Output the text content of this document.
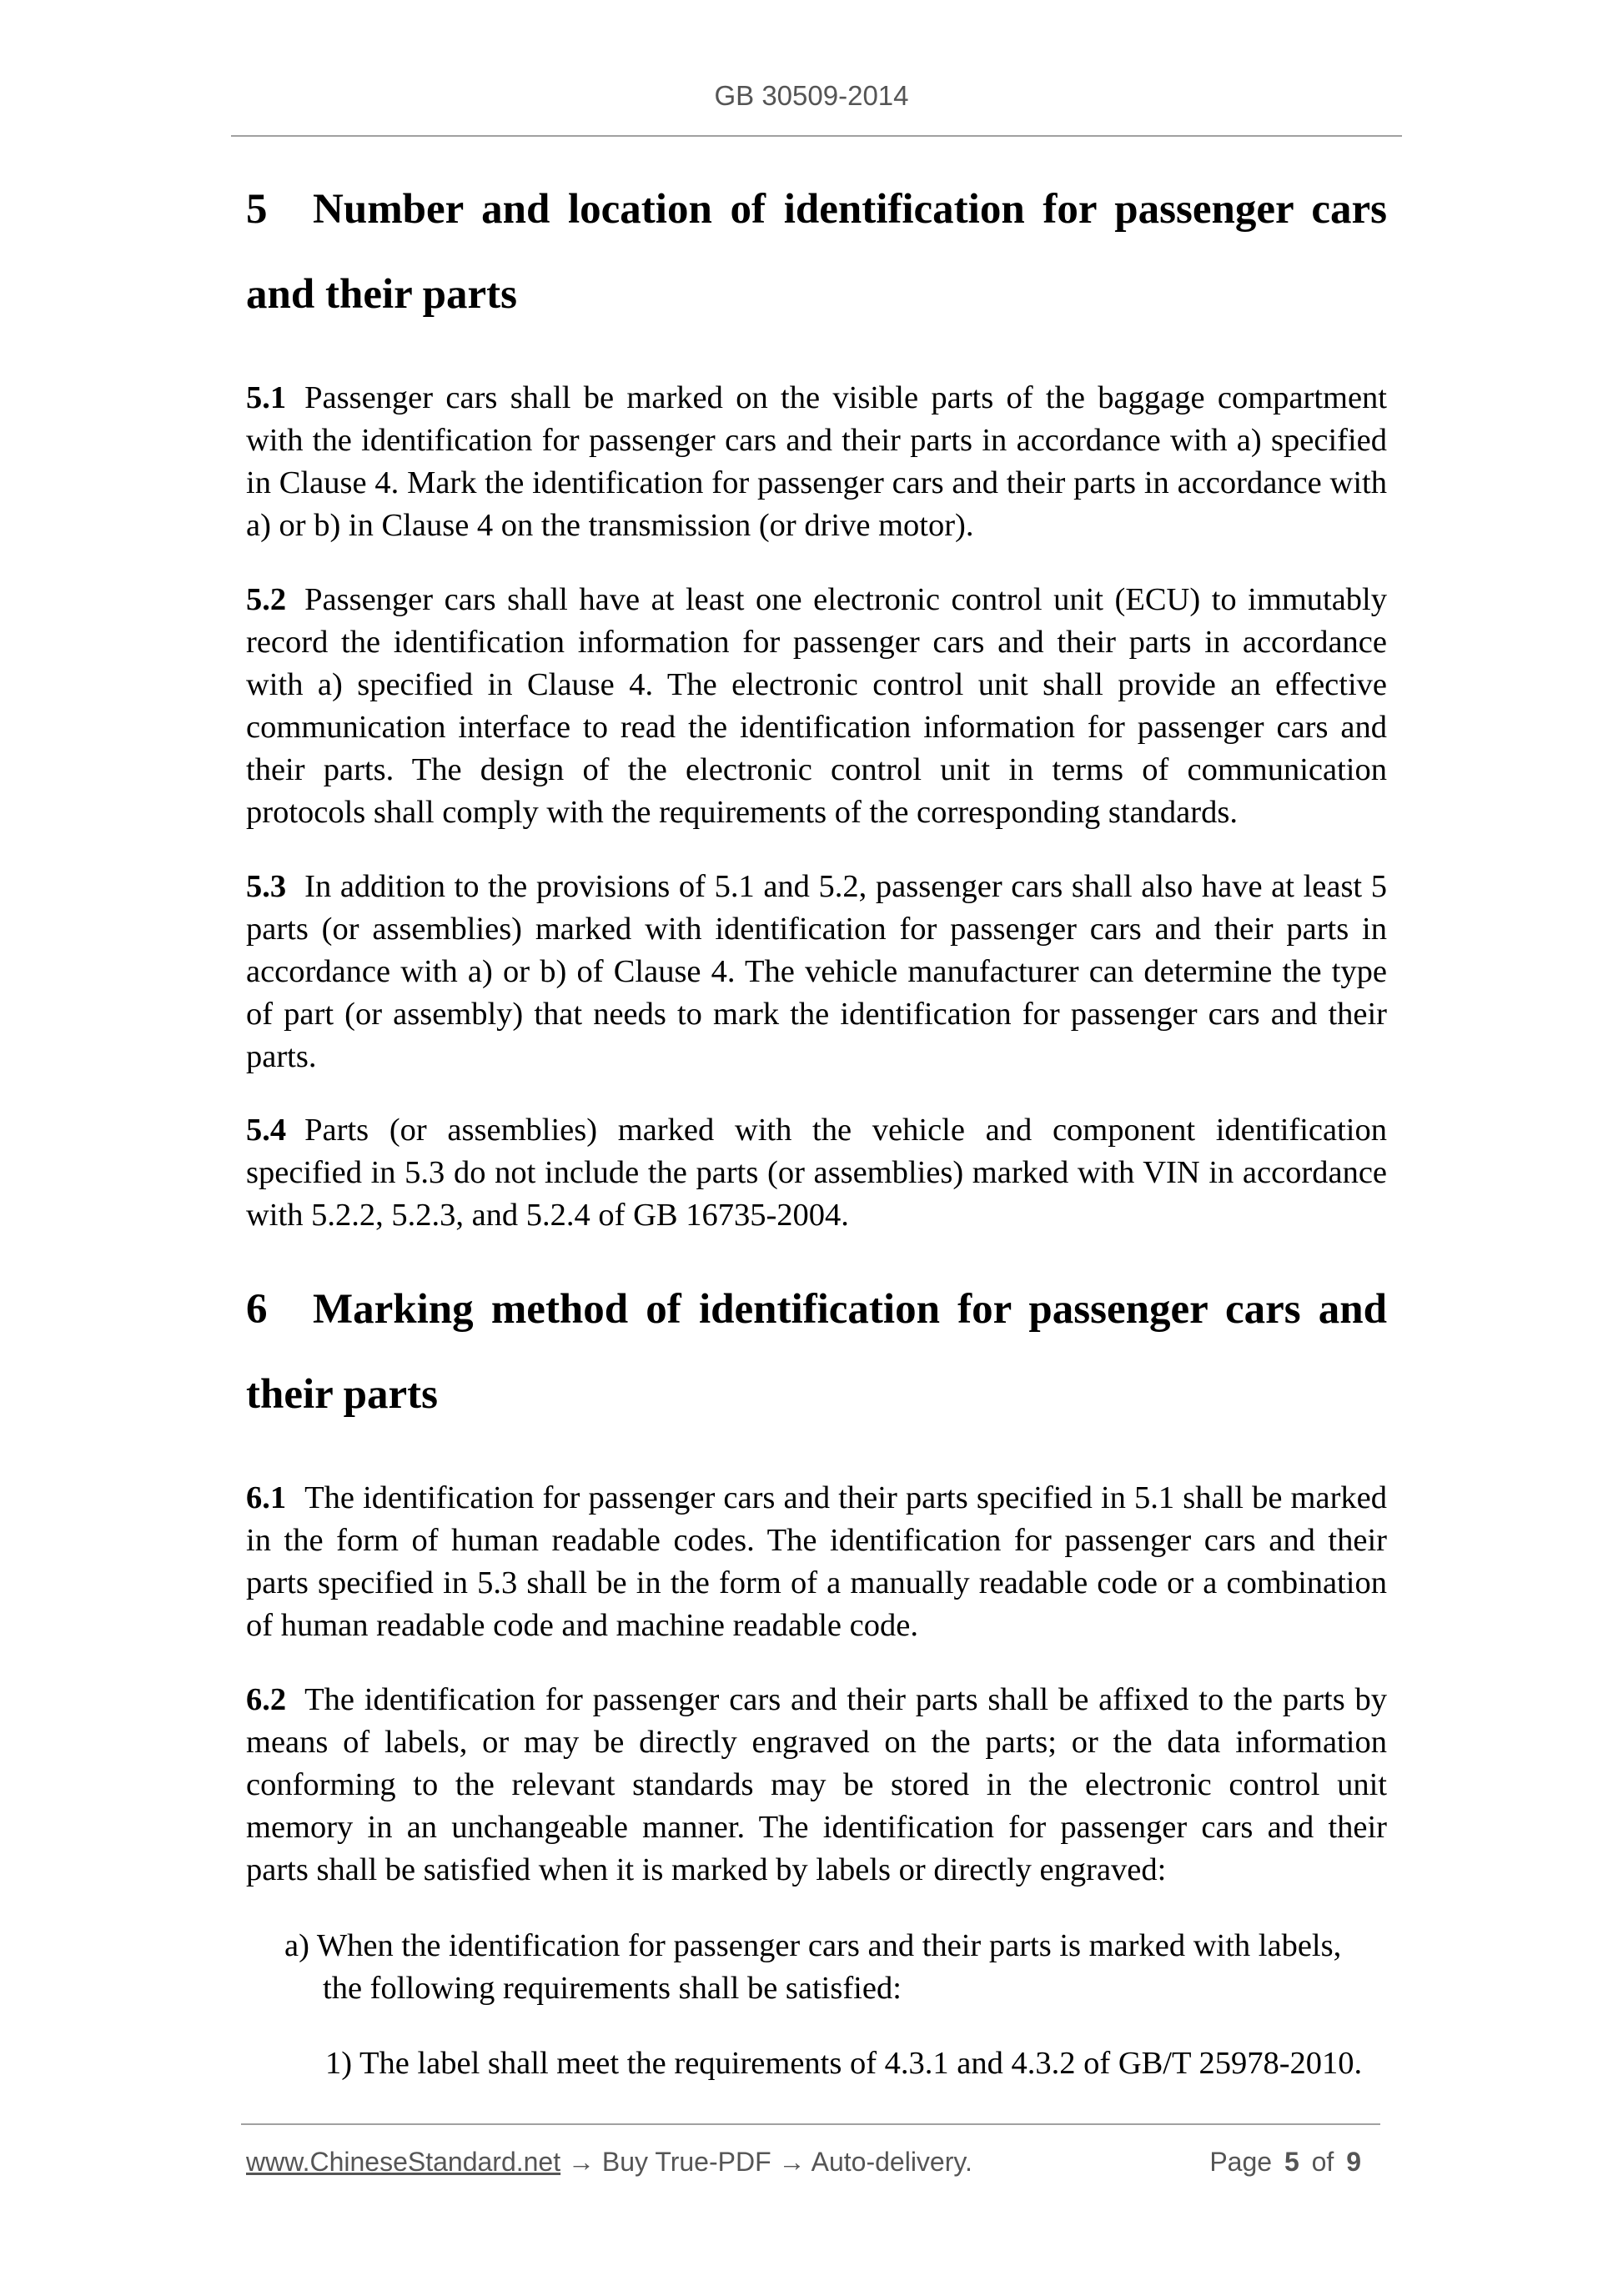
GB 30509-2014
5 Number and location of identification for passenger cars and their parts
5.1 Passenger cars shall be marked on the visible parts of the baggage compartment with the identification for passenger cars and their parts in accordance with a) specified in Clause 4. Mark the identification for passenger cars and their parts in accordance with a) or b) in Clause 4 on the transmission (or drive motor).
5.2 Passenger cars shall have at least one electronic control unit (ECU) to immutably record the identification information for passenger cars and their parts in accordance with a) specified in Clause 4. The electronic control unit shall provide an effective communication interface to read the identification information for passenger cars and their parts. The design of the electronic control unit in terms of communication protocols shall comply with the requirements of the corresponding standards.
5.3 In addition to the provisions of 5.1 and 5.2, passenger cars shall also have at least 5 parts (or assemblies) marked with identification for passenger cars and their parts in accordance with a) or b) of Clause 4. The vehicle manufacturer can determine the type of part (or assembly) that needs to mark the identification for passenger cars and their parts.
5.4 Parts (or assemblies) marked with the vehicle and component identification specified in 5.3 do not include the parts (or assemblies) marked with VIN in accordance with 5.2.2, 5.2.3, and 5.2.4 of GB 16735-2004.
6 Marking method of identification for passenger cars and their parts
6.1 The identification for passenger cars and their parts specified in 5.1 shall be marked in the form of human readable codes. The identification for passenger cars and their parts specified in 5.3 shall be in the form of a manually readable code or a combination of human readable code and machine readable code.
6.2 The identification for passenger cars and their parts shall be affixed to the parts by means of labels, or may be directly engraved on the parts; or the data information conforming to the relevant standards may be stored in the electronic control unit memory in an unchangeable manner. The identification for passenger cars and their parts shall be satisfied when it is marked by labels or directly engraved:
a) When the identification for passenger cars and their parts is marked with labels, the following requirements shall be satisfied:
1) The label shall meet the requirements of 4.3.1 and 4.3.2 of GB/T 25978-2010.
www.ChineseStandard.net → Buy True-PDF → Auto-delivery.	Page 5 of 9
